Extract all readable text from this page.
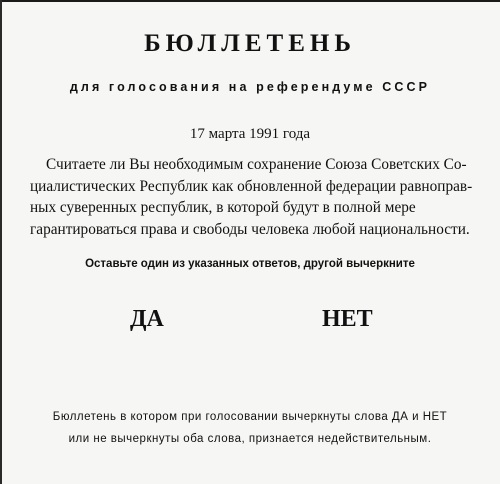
БЮЛЛЕТЕНЬ
для голосования на референдуме СССР
17 марта 1991 года
Считаете ли Вы необходимым сохранение Союза Советских Со-
циалистических Республик как обновленной федерации равноправ-
ных суверенных республик, в которой будут в полной мере
гарантироваться права и свободы человека любой национальности.
Оставьте один из указанных ответов, другой вычеркните
ДА	НЕТ
Бюллетень в котором при голосовании вычеркнуты слова ДА и НЕТ
или не вычеркнуты оба слова, признается недействительным.
